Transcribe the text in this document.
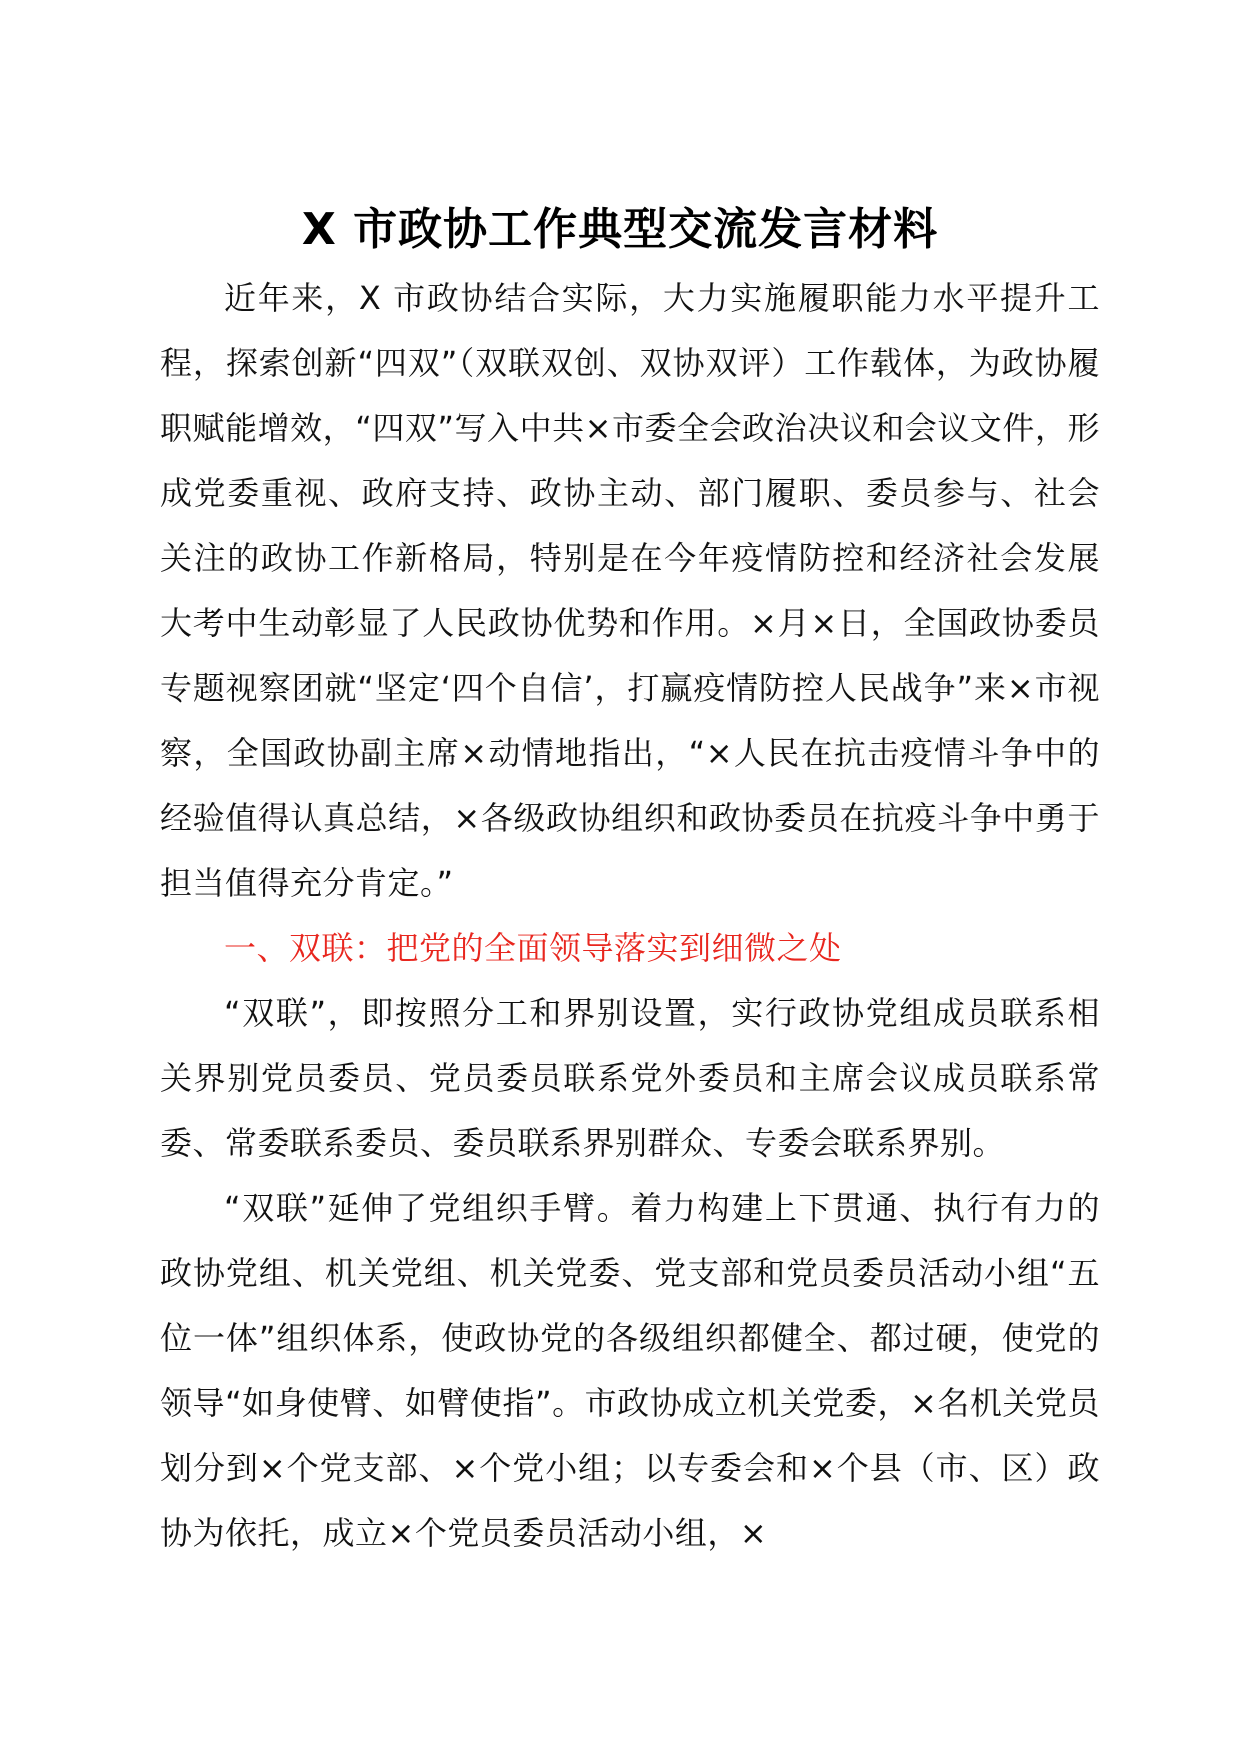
X 市政协工作典型交流发言材料

近年来，X 市政协结合实际，大力实施履职能力水平提升工程，探索创新“四双”（双联双创、双协双评）工作载体，为政协履职赋能增效，“四双”写入中共×市委全会政治决议和会议文件，形成党委重视、政府支持、政协主动、部门履职、委员参与、社会关注的政协工作新格局，特别是在今年疫情防控和经济社会发展大考中生动彰显了人民政协优势和作用。×月×日，全国政协委员专题视察团就“坚定‘四个自信’，打赢疫情防控人民战争”来×市视察，全国政协副主席×动情地指出，“×人民在抗击疫情斗争中的经验值得认真总结，×各级政协组织和政协委员在抗疫斗争中勇于担当值得充分肯定。”

一、双联：把党的全面领导落实到细微之处

“双联”，即按照分工和界别设置，实行政协党组成员联系相关界别党员委员、党员委员联系党外委员和主席会议成员联系常委、常委联系委员、委员联系界别群众、专委会联系界别。

“双联”延伸了党组织手臂。着力构建上下贯通、执行有力的政协党组、机关党组、机关党委、党支部和党员委员活动小组“五位一体”组织体系，使政协党的各级组织都健全、都过硬，使党的领导“如身使臂、如臂使指”。市政协成立机关党委，×名机关党员划分到×个党支部、×个党小组；以专委会和×个县（市、区）政协为依托，成立×个党员委员活动小组，×
